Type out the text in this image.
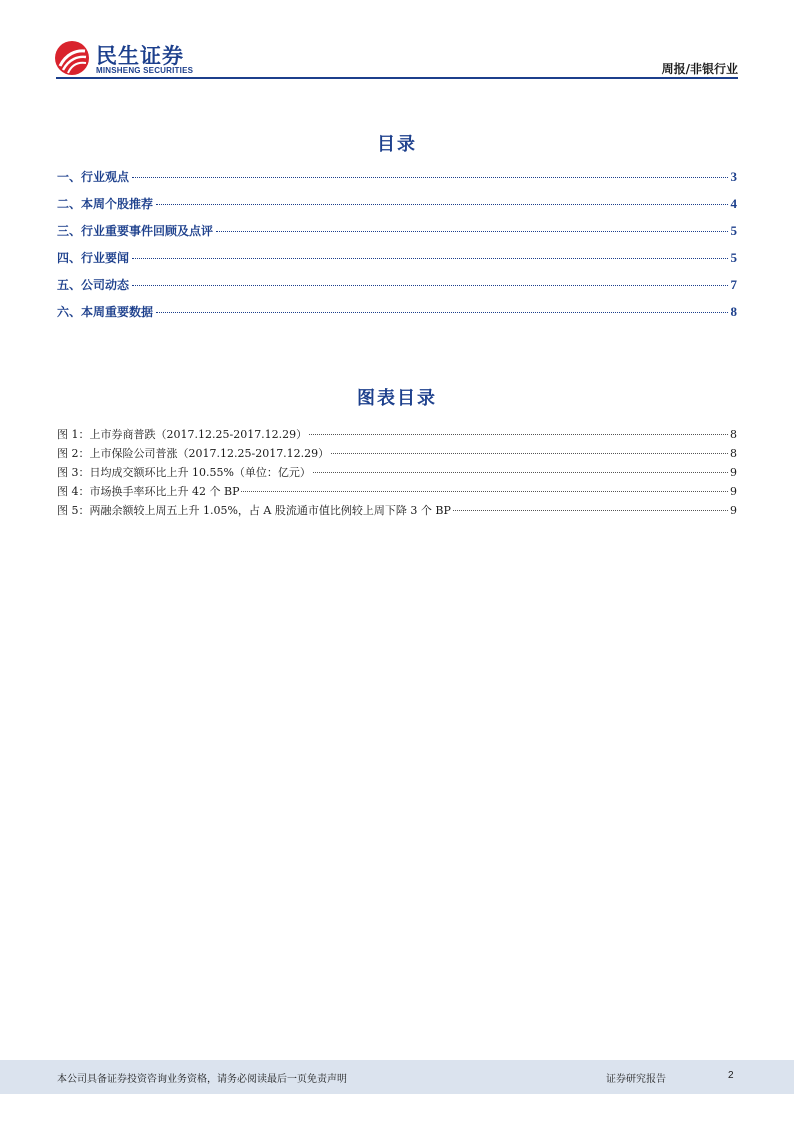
民生证券
MINSHENG SECURITIES	周报/非银行业
目录
一、行业观点	3
二、本周个股推荐	4
三、行业重要事件回顾及点评	5
四、行业要闻	5
五、公司动态	7
六、本周重要数据	8
图表目录
图 1：上市券商普跌（2017.12.25-2017.12.29）	8
图 2：上市保险公司普涨（2017.12.25-2017.12.29）	8
图 3：日均成交额环比上升 10.55%（单位：亿元）	9
图 4：市场换手率环比上升 42 个 BP	9
图 5：两融余额较上周五上升 1.05%，占 A 股流通市值比例较上周下降 3 个 BP	9
本公司具备证券投资咨询业务资格，请务必阅读最后一页免责声明	证券研究报告	2
